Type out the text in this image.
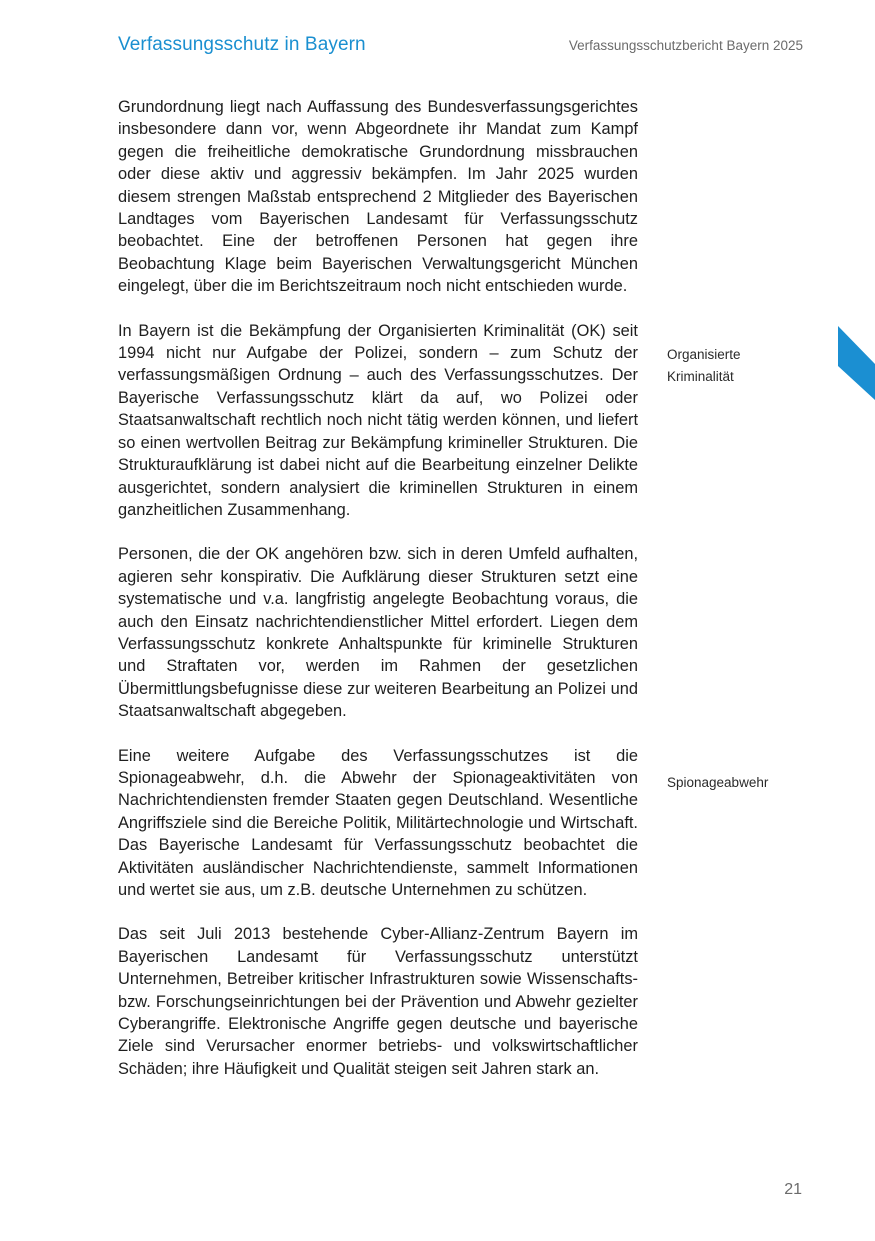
Verfassungsschutz in Bayern	Verfassungsschutzbericht Bayern 2025

Grundordnung liegt nach Auffassung des Bundesverfassungsgerichtes insbesondere dann vor, wenn Abgeordnete ihr Mandat zum Kampf gegen die freiheitliche demokratische Grundordnung missbrauchen oder diese aktiv und aggressiv bekämpfen. Im Jahr 2025 wurden diesem strengen Maßstab entsprechend 2 Mitglieder des Bayerischen Landtages vom Bayerischen Landesamt für Verfassungsschutz beobachtet. Eine der betroffenen Personen hat gegen ihre Beobachtung Klage beim Bayerischen Verwaltungsgericht München eingelegt, über die im Berichtszeitraum noch nicht entschieden wurde.

In Bayern ist die Bekämpfung der Organisierten Kriminalität (OK) seit 1994 nicht nur Aufgabe der Polizei, sondern – zum Schutz der verfassungsmäßigen Ordnung – auch des Verfassungsschutzes. Der Bayerische Verfassungsschutz klärt da auf, wo Polizei oder Staatsanwaltschaft rechtlich noch nicht tätig werden können, und liefert so einen wertvollen Beitrag zur Bekämpfung krimineller Strukturen. Die Strukturaufklärung ist dabei nicht auf die Bearbeitung einzelner Delikte ausgerichtet, sondern analysiert die kriminellen Strukturen in einem ganzheitlichen Zusammenhang.

Personen, die der OK angehören bzw. sich in deren Umfeld aufhalten, agieren sehr konspirativ. Die Aufklärung dieser Strukturen setzt eine systematische und v.a. langfristig angelegte Beobachtung voraus, die auch den Einsatz nachrichtendienstlicher Mittel erfordert. Liegen dem Verfassungsschutz konkrete Anhaltspunkte für kriminelle Strukturen und Straftaten vor, werden im Rahmen der gesetzlichen Übermittlungsbefugnisse diese zur weiteren Bearbeitung an Polizei und Staatsanwaltschaft abgegeben.

Eine weitere Aufgabe des Verfassungsschutzes ist die Spionageabwehr, d.h. die Abwehr der Spionageaktivitäten von Nachrichtendiensten fremder Staaten gegen Deutschland. Wesentliche Angriffsziele sind die Bereiche Politik, Militärtechnologie und Wirtschaft. Das Bayerische Landesamt für Verfassungsschutz beobachtet die Aktivitäten ausländischer Nachrichtendienste, sammelt Informationen und wertet sie aus, um z.B. deutsche Unternehmen zu schützen.

Das seit Juli 2013 bestehende Cyber-Allianz-Zentrum Bayern im Bayerischen Landesamt für Verfassungsschutz unterstützt Unternehmen, Betreiber kritischer Infrastrukturen sowie Wissenschafts- bzw. Forschungseinrichtungen bei der Prävention und Abwehr gezielter Cyberangriffe. Elektronische Angriffe gegen deutsche und bayerische Ziele sind Verursacher enormer betriebs- und volkswirtschaftlicher Schäden; ihre Häufigkeit und Qualität steigen seit Jahren stark an.

Organisierte
Kriminalität
Spionageabwehr
21
